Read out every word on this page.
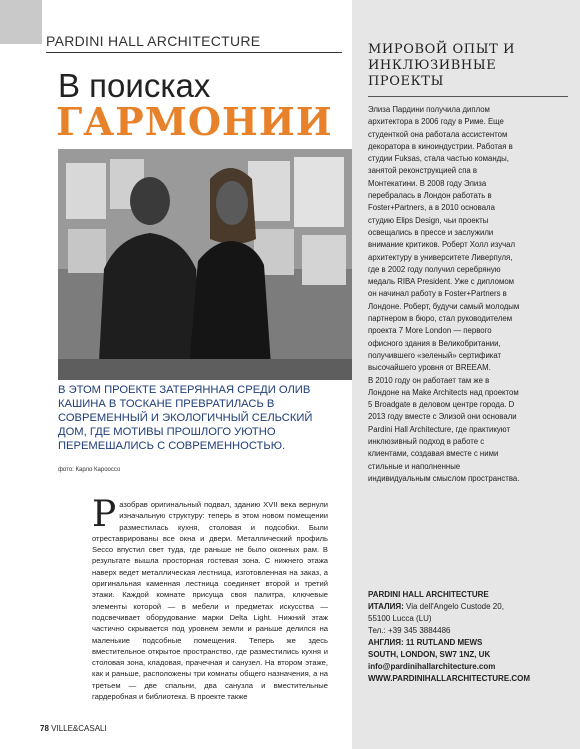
PARDINI HALL ARCHITECTURE
В поисках
ГАРМОНИИ
В ЭТОМ ПРОЕКТЕ ЗАТЕРЯННАЯ СРЕДИ ОЛИВ КАШИНА В ТОСКАНЕ ПРЕВРАТИЛАСЬ В СОВРЕМЕННЫЙ И ЭКОЛОГИЧНЫЙ СЕЛЬСКИЙ ДОМ, ГДЕ МОТИВЫ ПРОШЛОГО УЮТНО ПЕРЕМЕШАЛИСЬ С СОВРЕМЕННОСТЬЮ.
фото: Карло Карооссо
Разобрав оригинальный подвал, зданию XVII века вернули изначальную структуру: теперь в этом новом помещении разместилась кухня, столовая и подсобки. Были отреставрированы все окна и двери. Металлический профиль Secco впустил свет туда, где раньше не было оконных рам. В результате вышла просторная гостевая зона. С нижнего этажа наверх ведет металлическая лестница, изготовленная на заказ, а оригинальная каменная лестница соединяет второй и третий этажи. Каждой комнате присуща своя палитра, ключевые элементы которой — в мебели и предметах искусства — подсвечивает оборудование марки Delta Light. Нижний этаж частично скрывается под уровнем земли и раньше делился на маленькие подсобные помещения. Теперь же здесь вместительное открытое пространство, где разместились кухня и столовая зона, кладовая, прачечная и санузел. На втором этаже, как и раньше, расположены три комнаты общего назначения, а на третьем — две спальни, два санузла и вместительные гардеробная и библиотека. В проекте также
78 VILLE&CASALI
МИРОВОЙ ОПЫТ И ИНКЛЮЗИВНЫЕ ПРОЕКТЫ

Элиза Пардини получила диплом архитектора в 2006 году в Риме. Еще студенткой она работала ассистентом декоратора в киноиндустрии. Работая в студии Fuksas, стала частью команды, занятой реконструкцией спа в Монтекатини. В 2008 году Элиза перебралась в Лондон работать в Foster+Partners, а в 2010 основала студию Elips Design, чьи проекты освещались в прессе и заслужили внимание критиков. Роберт Холл изучал архитектуру в университете Ливерпуля, где в 2002 году получил серебряную медаль RIBA President. Уже с дипломом он начинал работу в Foster+Partners в Лондоне. Роберт, будучи самый молодым партнером в бюро, стал руководителем проекта 7 More London — первого офисного здания в Великобритании, получившего «зеленый» сертификат высочайшего уровня от BREEAM.

В 2010 году он работает там же в Лондоне на Make Architects над проектом 5 Broadgate в деловом центре города. D 2013 году вместе с Элизой они основали Pardini Hall Architecture, где практикуют инклюзивный подход в работе с клиентами, создавая вместе с ними стильные и наполненные индивидуальным смыслом пространства.

PARDINI HALL ARCHITECTURE
ИТАЛИЯ: Via dell'Angelo Custode 20,
55100 Lucca (LU)
Тел.: +39 345 3884486
АНГЛИЯ: 11 RUTLAND MEWS
SOUTH, LONDON, SW7 1NZ, UK
info@pardinihallarchitecture.com
WWW.PARDINIHALLARCHITECTURE.COM
